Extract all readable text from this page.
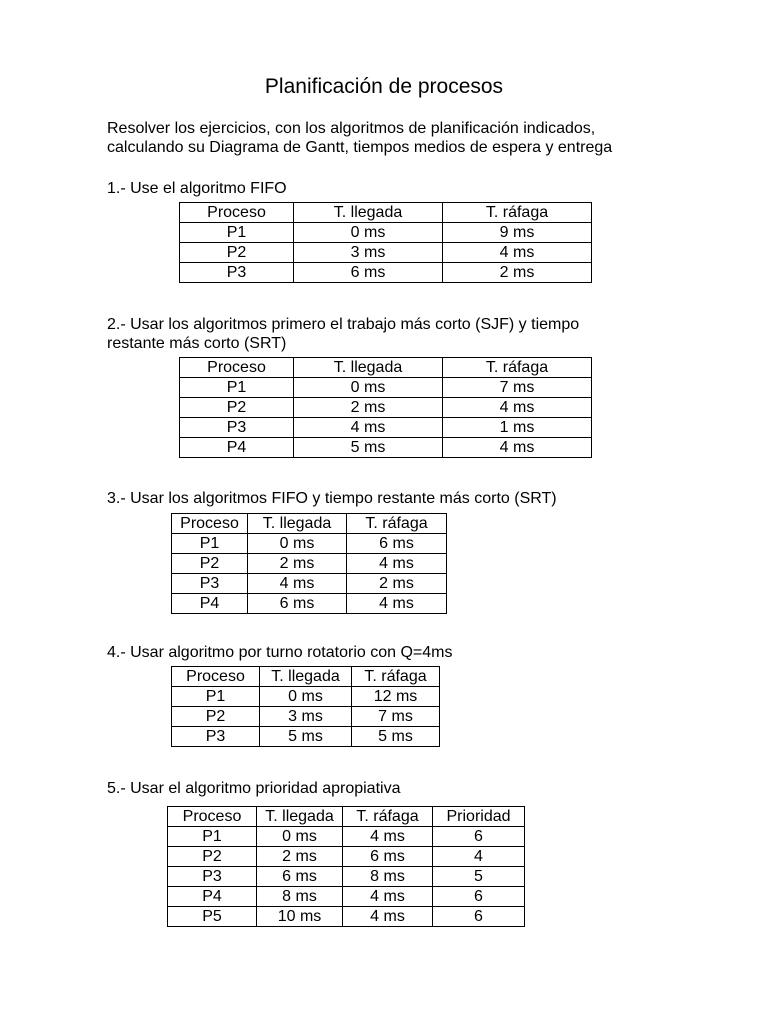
Planificación de procesos
Resolver los ejercicios, con los algoritmos de planificación indicados,
calculando su Diagrama de Gantt, tiempos medios de espera y entrega
1.- Use el algoritmo FIFO
Proceso	T. llegada	T. ráfaga
P1	0 ms	9 ms
P2	3 ms	4 ms
P3	6 ms	2 ms
2.- Usar los algoritmos primero el trabajo más corto (SJF) y tiempo
restante más corto (SRT)
Proceso	T. llegada	T. ráfaga
P1	0 ms	7 ms
P2	2 ms	4 ms
P3	4 ms	1 ms
P4	5 ms	4 ms
3.- Usar los algoritmos FIFO y tiempo restante más corto (SRT)
Proceso	T. llegada	T. ráfaga
P1	0 ms	6 ms
P2	2 ms	4 ms
P3	4 ms	2 ms
P4	6 ms	4 ms
4.- Usar algoritmo por turno rotatorio con Q=4ms
Proceso	T. llegada	T. ráfaga
P1	0 ms	12 ms
P2	3 ms	7 ms
P3	5 ms	5 ms
5.- Usar el algoritmo prioridad apropiativa
Proceso	T. llegada	T. ráfaga	Prioridad
P1	0 ms	4 ms	6
P2	2 ms	6 ms	4
P3	6 ms	8 ms	5
P4	8 ms	4 ms	6
P5	10 ms	4 ms	6
